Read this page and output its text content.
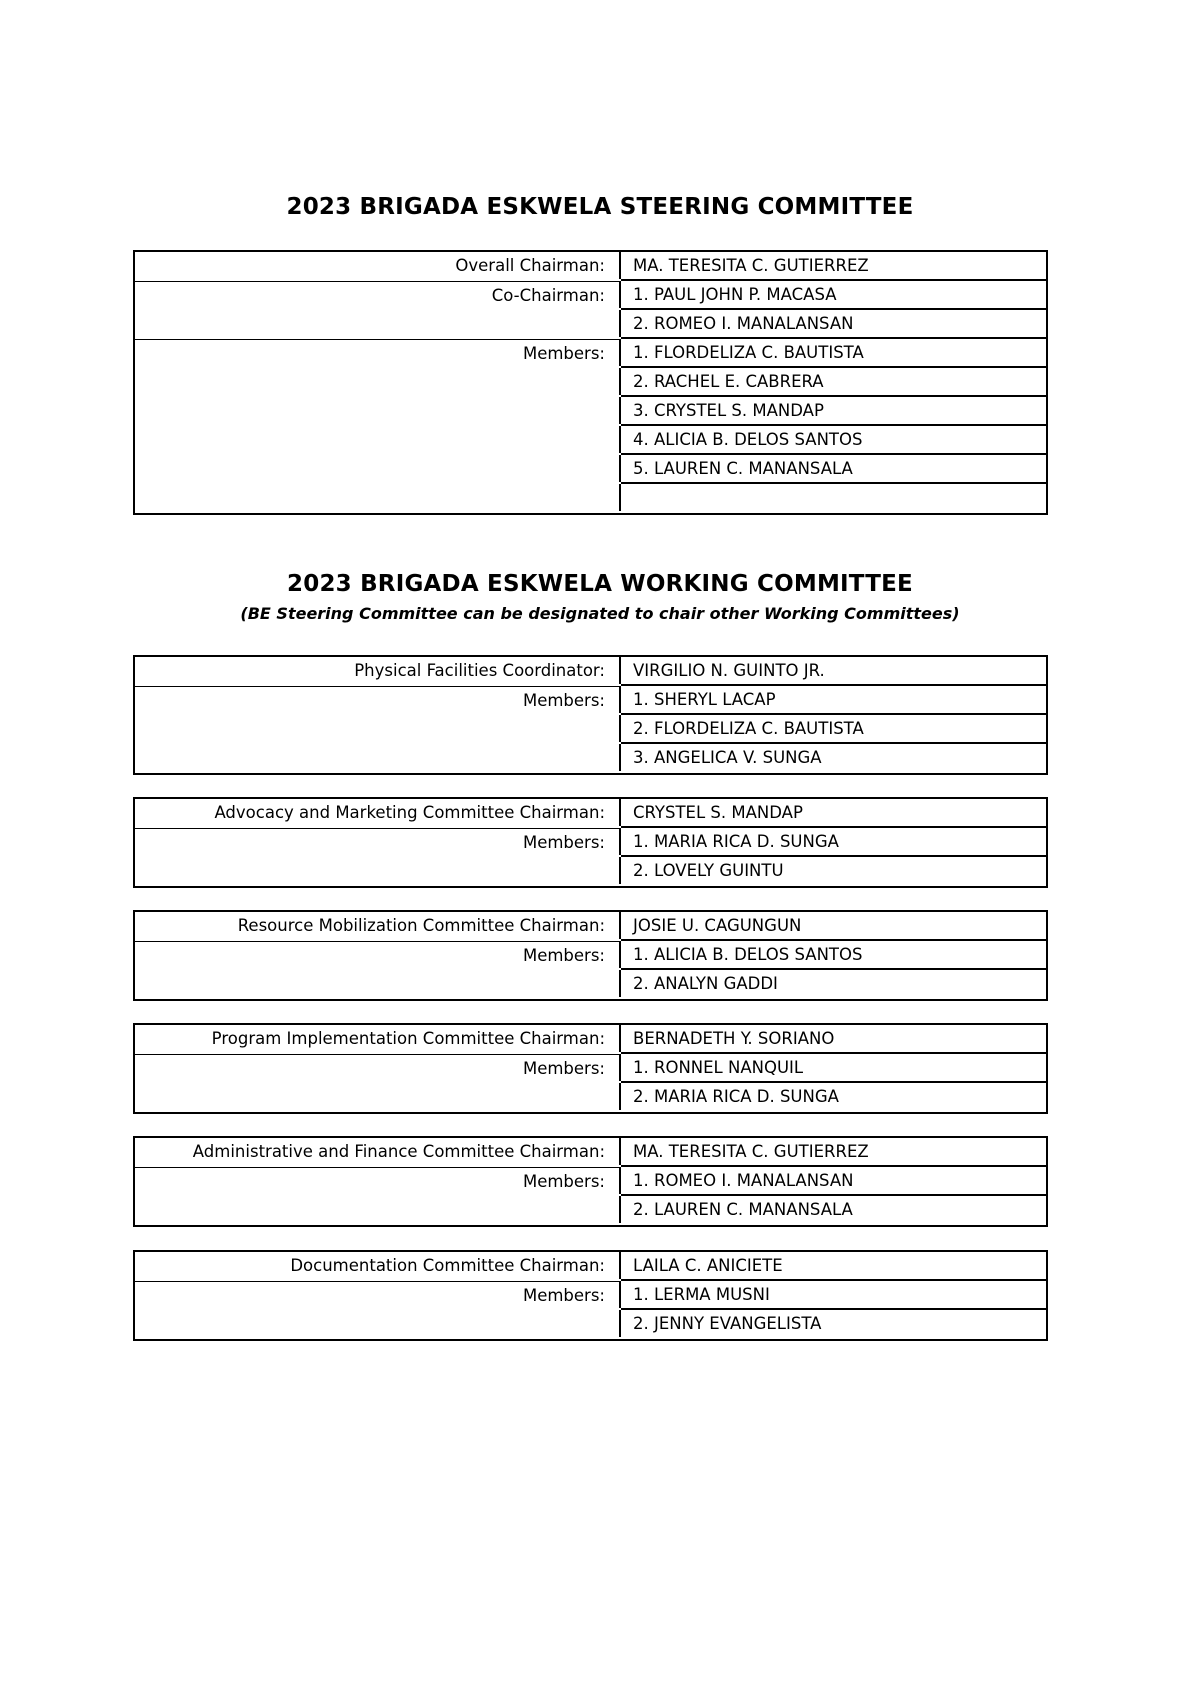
2023 BRIGADA ESKWELA STEERING COMMITTEE
Overall Chairman:	MA. TERESITA C. GUTIERREZ
Co-Chairman:	1. PAUL JOHN P. MACASA
2. ROMEO I. MANALANSAN
Members:	1. FLORDELIZA C. BAUTISTA
2. RACHEL E. CABRERA
3. CRYSTEL S. MANDAP
4. ALICIA B. DELOS SANTOS
5. LAUREN C. MANANSALA
2023 BRIGADA ESKWELA WORKING COMMITTEE

(BE Steering Committee can be designated to chair other Working Committees)

Physical Facilities Coordinator:	VIRGILIO N. GUINTO JR.
Members:	1. SHERYL LACAP
2. FLORDELIZA C. BAUTISTA
3. ANGELICA V. SUNGA
Advocacy and Marketing Committee Chairman:	CRYSTEL S. MANDAP
Members:	1. MARIA RICA D. SUNGA
2. LOVELY GUINTU
Resource Mobilization Committee Chairman:	JOSIE U. CAGUNGUN
Members:	1. ALICIA B. DELOS SANTOS
2. ANALYN GADDI
Program Implementation Committee Chairman:	BERNADETH Y. SORIANO
Members:	1. RONNEL NANQUIL
2. MARIA RICA D. SUNGA
Administrative and Finance Committee Chairman:	MA. TERESITA C. GUTIERREZ
Members:	1. ROMEO I. MANALANSAN
2. LAUREN C. MANANSALA
Documentation Committee Chairman:	LAILA C. ANICIETE
Members:	1. LERMA MUSNI
2. JENNY EVANGELISTA
